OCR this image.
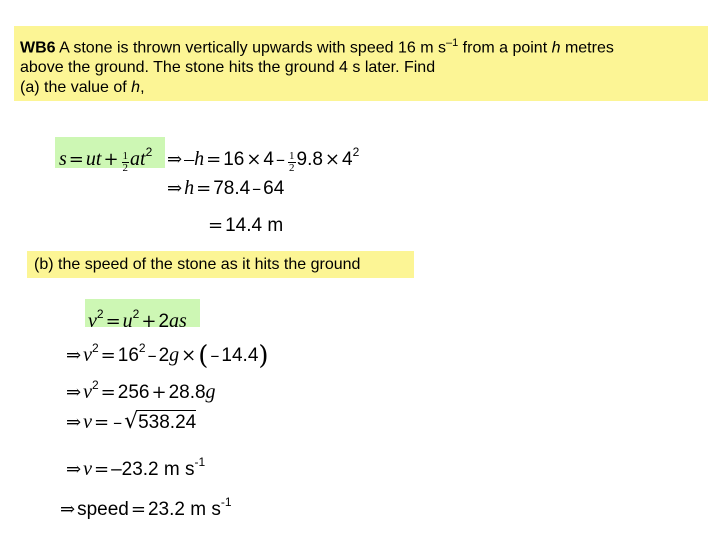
WB6 A stone is thrown vertically upwards with speed 16 m $s^{-1}$ from a point h metres
above the ground. The stone hits the ground 4 s later. Find
(a) the value of h,
s = ut + $\frac{1}{2} at^2$ ⇒ $-h = 16 \times 4 - \frac{1}{2} 9.8 \times 4^2$
⇒ h = 78.4 – 64
= 14.4 m
(b) the speed of the stone as it hits the ground
$v^2 = u^2 + 2as$
⇒ $v^2 = 16^2 - 2g$ ×( – 14.4)
⇒ $v^2 = 256 + 28.8g$
⇒ v = –√538.24
⇒ v = –23.2 m $s^{-1}$
⇒ speed = 23.2 m $s^{-1}$
